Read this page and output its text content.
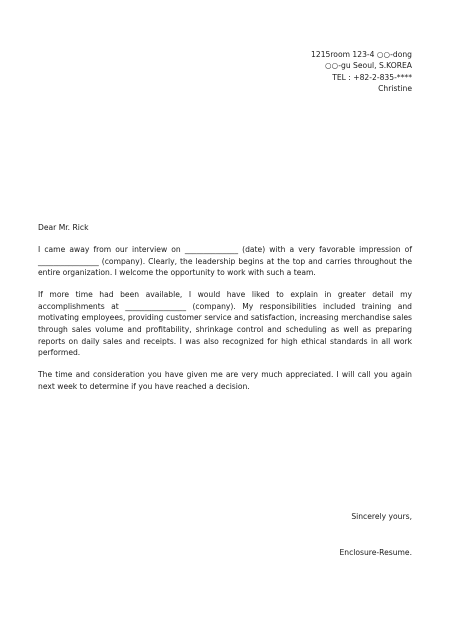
1215room 123-4 ○○-dong
○○-gu Seoul, S.KOREA
TEL : +82-2-835-****
Christine
Dear Mr. Rick

I came away from our interview on ______________ (date) with a very favorable impression of ________________ (company). Clearly, the leadership begins at the top and carries throughout the entire organization. I welcome the opportunity to work with such a team.

If more time had been available, I would have liked to explain in greater detail my accomplishments at ________________ (company). My responsibilities included training and motivating employees, providing customer service and satisfaction, increasing merchandise sales through sales volume and profitability, shrinkage control and scheduling as well as preparing reports on daily sales and receipts. I was also recognized for high ethical standards in all work performed.

The time and consideration you have given me are very much appreciated. I will call you again next week to determine if you have reached a decision.

Sincerely yours,
Enclosure-Resume.
